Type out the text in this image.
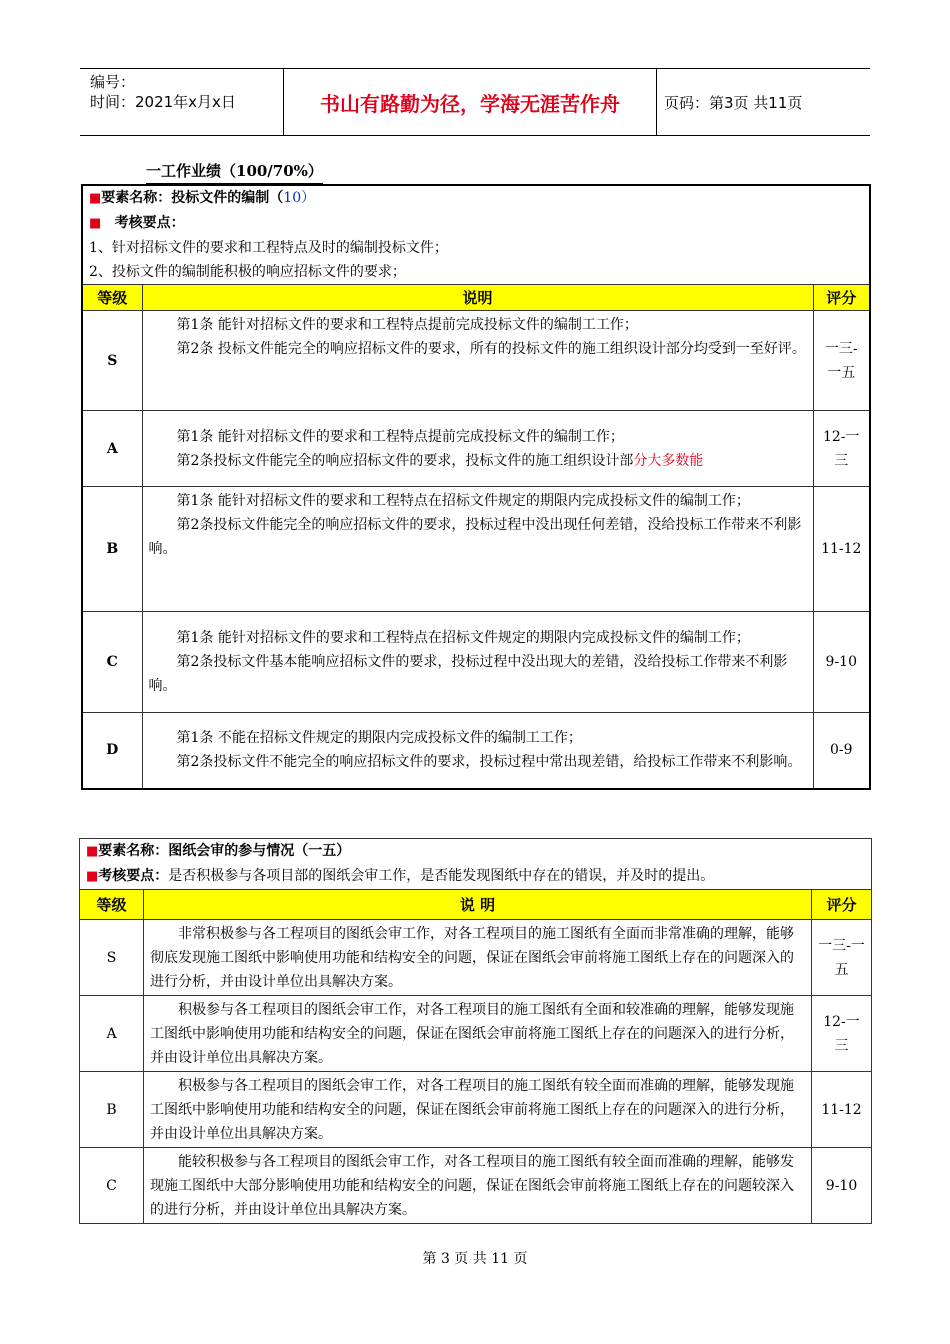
编号：
时间：2021年x月x日	书山有路勤为径，学海无涯苦作舟	页码：第3页 共11页
一工作业绩（100/70%）
■要素名称：投标文件的编制（10）		
■ 考核要点：		
1、针对招标文件的要求和工程特点及时的编制投标文件；		
2、投标文件的编制能积极的响应招标文件的要求；		
等级	说明	评分
S	第1条 能针对招标文件的要求和工程特点提前完成投标文件的编制工工作；

第2条 投标文件能完全的响应招标文件的要求，所有的投标文件的施工组织设计部分均受到一至好评。	一三-一五
A	第1条 能针对招标文件的要求和工程特点提前完成投标文件的编制工作；

第2条投标文件能完全的响应招标文件的要求，投标文件的施工组织设计部分大多数能	12-一三
B	第1条 能针对招标文件的要求和工程特点在招标文件规定的期限内完成投标文件的编制工作；

第2条投标文件能完全的响应招标文件的要求，投标过程中没出现任何差错，没给投标工作带来不利影响。	11-12
C	第1条 能针对招标文件的要求和工程特点在招标文件规定的期限内完成投标文件的编制工作；

第2条投标文件基本能响应招标文件的要求，投标过程中没出现大的差错，没给投标工作带来不利影响。	9-10
D	第1条 不能在招标文件规定的期限内完成投标文件的编制工工作；

第2条投标文件不能完全的响应招标文件的要求，投标过程中常出现差错，给投标工作带来不利影响。	0-9
■要素名称：图纸会审的参与情况（一五）		
■考核要点：是否积极参与各项目部的图纸会审工作，是否能发现图纸中存在的错误，并及时的提出。		
等级	说 明	评分
S	非常积极参与各工程项目的图纸会审工作，对各工程项目的施工图纸有全面而非常准确的理解，能够彻底发现施工图纸中影响使用功能和结构安全的问题，保证在图纸会审前将施工图纸上存在的问题深入的进行分析，并由设计单位出具解决方案。	一三-一五
A	积极参与各工程项目的图纸会审工作，对各工程项目的施工图纸有全面和较准确的理解，能够发现施工图纸中影响使用功能和结构安全的问题，保证在图纸会审前将施工图纸上存在的问题深入的进行分析，并由设计单位出具解决方案。	12-一三
B	积极参与各工程项目的图纸会审工作，对各工程项目的施工图纸有较全面而准确的理解，能够发现施工图纸中影响使用功能和结构安全的问题，保证在图纸会审前将施工图纸上存在的问题深入的进行分析，并由设计单位出具解决方案。	11-12
C	能较积极参与各工程项目的图纸会审工作，对各工程项目的施工图纸有较全面而准确的理解，能够发现施工图纸中大部分影响使用功能和结构安全的问题，保证在图纸会审前将施工图纸上存在的问题较深入的进行分析，并由设计单位出具解决方案。	9-10
第 3 页 共 11 页
